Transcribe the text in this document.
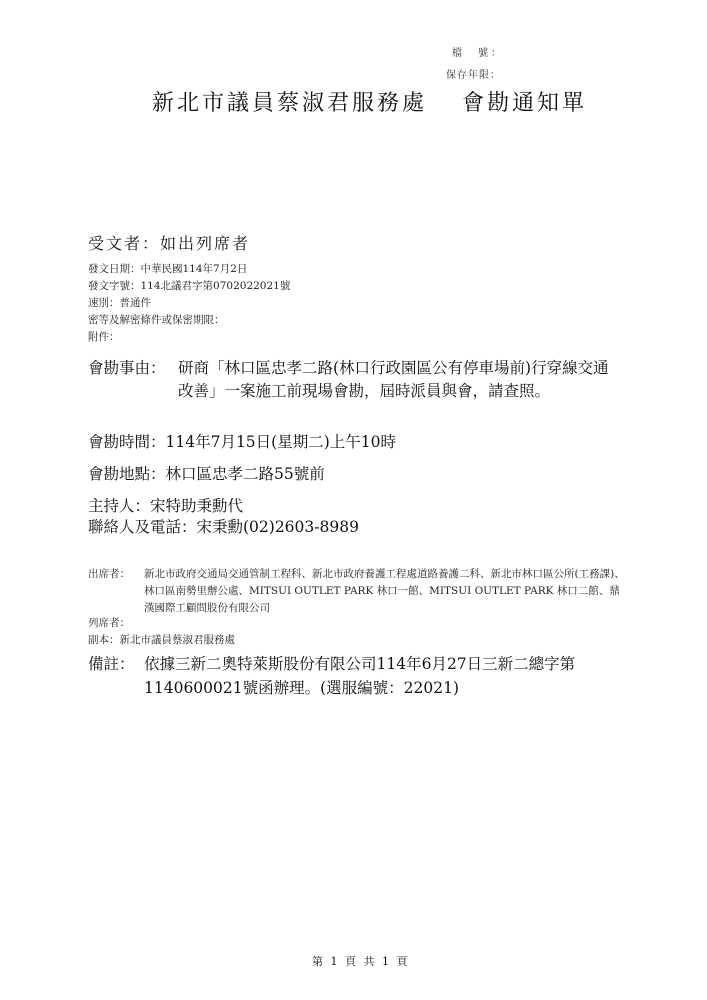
檔　號：
保存年限：
新北市議員蔡淑君服務處　 會勘通知單
受文者：如出列席者
發文日期：中華民國114年7月2日
發文字號：114北議君字第0702022021號
速別：普通件
密等及解密條件或保密期限：
附件：
會勘事由： 研商「林口區忠孝二路(林口行政園區公有停車場前)行穿線交通改善」一案施工前現場會勘，屆時派員與會，請查照。
會勘時間：114年7月15日(星期二)上午10時
會勘地點：林口區忠孝二路55號前
主持人：宋特助秉勳代
聯絡人及電話：宋秉勳(02)2603-8989
出席者： 新北市政府交通局交通管制工程科、新北市政府養護工程處道路養護二科、新北市林口區公所(工務課)、林口區南勢里辦公處、MITSUI OUTLET PARK 林口一館、MITSUI OUTLET PARK 林口二館、鼎漢國際工顧問股份有限公司
列席者：
副本：新北市議員蔡淑君服務處
備註： 依據三新二奧特萊斯股份有限公司114年6月27日三新二總字第1140600021號函辦理。(選服編號：22021)
第 1 頁 共 1 頁
